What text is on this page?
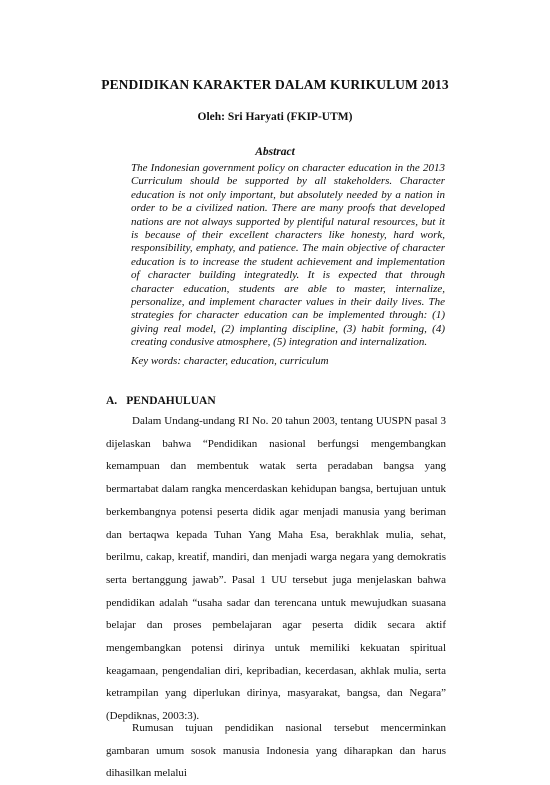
PENDIDIKAN KARAKTER DALAM KURIKULUM 2013
Oleh: Sri Haryati (FKIP-UTM)
Abstract

The Indonesian government policy on character education in the 2013 Curriculum should be supported by all stakeholders. Character education is not only important, but absolutely needed by a nation in order to be a civilized nation. There are many proofs that developed nations are not always supported by plentiful natural resources, but it is because of their excellent characters like honesty, hard work, responsibility, emphaty, and patience. The main objective of character education is to increase the student achievement and implementation of character building integratedly. It is expected that through character education, students are able to master, internalize, personalize, and implement character values in their daily lives. The strategies for character education can be implemented through: (1) giving real model, (2) implanting discipline, (3) habit forming, (4) creating condusive atmosphere, (5) integration and internalization.

Key words: character, education, curriculum

A. PENDAHULUAN

Dalam Undang-undang RI No. 20 tahun 2003, tentang UUSPN pasal 3 dijelaskan bahwa “Pendidikan nasional berfungsi mengembangkan kemampuan dan membentuk watak serta peradaban bangsa yang bermartabat dalam rangka mencerdaskan kehidupan bangsa, bertujuan untuk berkembangnya potensi peserta didik agar menjadi manusia yang beriman dan bertaqwa kepada Tuhan Yang Maha Esa, berakhlak mulia, sehat, berilmu, cakap, kreatif, mandiri, dan menjadi warga negara yang demokratis serta bertanggung jawab”. Pasal 1 UU tersebut juga menjelaskan bahwa pendidikan adalah “usaha sadar dan terencana untuk mewujudkan suasana belajar dan proses pembelajaran agar peserta didik secara aktif mengembangkan potensi dirinya untuk memiliki kekuatan spiritual keagamaan, pengendalian diri, kepribadian, kecerdasan, akhlak mulia, serta ketrampilan yang diperlukan dirinya, masyarakat, bangsa, dan Negara” (Depdiknas, 2003:3).

Rumusan tujuan pendidikan nasional tersebut mencerminkan gambaran umum sosok manusia Indonesia yang diharapkan dan harus dihasilkan melalui
